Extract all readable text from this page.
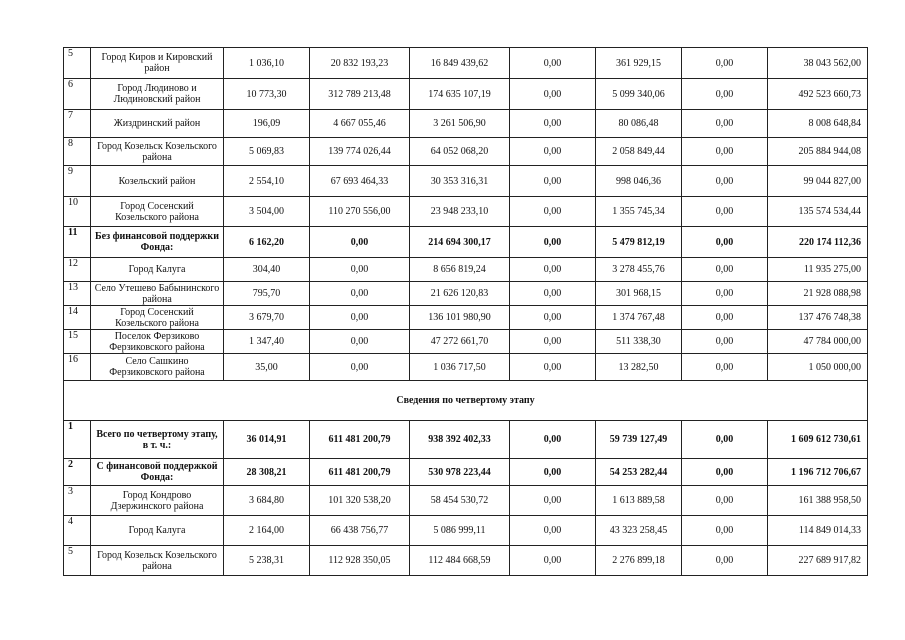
5	Город Киров и Кировский район	1 036,10	20 832 193,23	16 849 439,62	0,00	361 929,15	0,00	38 043 562,00
6	Город Людиново и Людиновский район	10 773,30	312 789 213,48	174 635 107,19	0,00	5 099 340,06	0,00	492 523 660,73
7	Жиздринский район	196,09	4 667 055,46	3 261 506,90	0,00	80 086,48	0,00	8 008 648,84
8	Город Козельск Козельского района	5 069,83	139 774 026,44	64 052 068,20	0,00	2 058 849,44	0,00	205 884 944,08
9	Козельский район	2 554,10	67 693 464,33	30 353 316,31	0,00	998 046,36	0,00	99 044 827,00
10	Город Сосенский Козельского района	3 504,00	110 270 556,00	23 948 233,10	0,00	1 355 745,34	0,00	135 574 534,44
11	Без финансовой поддержки Фонда:	6 162,20	0,00	214 694 300,17	0,00	5 479 812,19	0,00	220 174 112,36
12	Город Калуга	304,40	0,00	8 656 819,24	0,00	3 278 455,76	0,00	11 935 275,00
13	Село Утешево Бабынинского района	795,70	0,00	21 626 120,83	0,00	301 968,15	0,00	21 928 088,98
14	Город Сосенский Козельского района	3 679,70	0,00	136 101 980,90	0,00	1 374 767,48	0,00	137 476 748,38
15	Поселок Ферзиково Ферзиковского района	1 347,40	0,00	47 272 661,70	0,00	511 338,30	0,00	47 784 000,00
16	Село Сашкино Ферзиковского района	35,00	0,00	1 036 717,50	0,00	13 282,50	0,00	1 050 000,00
Сведения по четвертому этапу								
1	Всего по четвертому этапу, в т. ч.:	36 014,91	611 481 200,79	938 392 402,33	0,00	59 739 127,49	0,00	1 609 612 730,61
2	С финансовой поддержкой Фонда:	28 308,21	611 481 200,79	530 978 223,44	0,00	54 253 282,44	0,00	1 196 712 706,67
3	Город Кондрово Дзержинского района	3 684,80	101 320 538,20	58 454 530,72	0,00	1 613 889,58	0,00	161 388 958,50
4	Город Калуга	2 164,00	66 438 756,77	5 086 999,11	0,00	43 323 258,45	0,00	114 849 014,33
5	Город Козельск Козельского района	5 238,31	112 928 350,05	112 484 668,59	0,00	2 276 899,18	0,00	227 689 917,82
